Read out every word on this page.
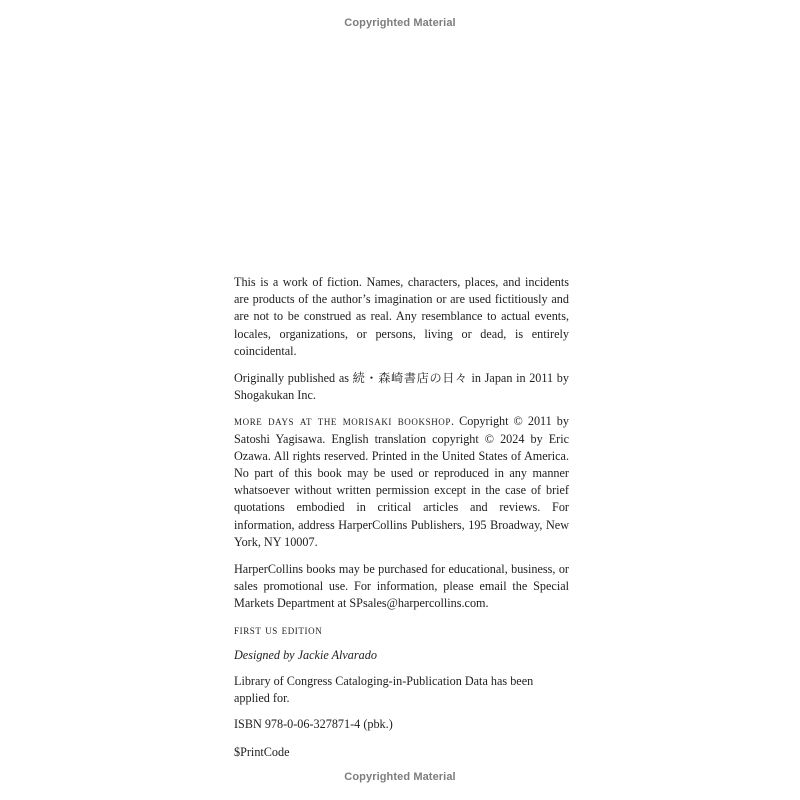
Copyrighted Material

This is a work of fiction. Names, characters, places, and incidents are products of the author’s imagination or are used fictitiously and are not to be construed as real. Any resemblance to actual events, locales, organizations, or persons, living or dead, is entirely coincidental.

Originally published as 続・森崎書店の日々 in Japan in 2011 by Shogakukan Inc.

more days at the morisaki bookshop. Copyright © 2011 by Satoshi Yagisawa. English translation copyright © 2024 by Eric Ozawa. All rights reserved. Printed in the United States of America. No part of this book may be used or reproduced in any manner whatsoever without written permission except in the case of brief quotations embodied in critical articles and reviews. For information, address HarperCollins Publishers, 195 Broadway, New York, NY 10007.

HarperCollins books may be purchased for educational, business, or sales promotional use. For information, please email the Special Markets Department at SPsales@harpercollins.com.

first us edition

Designed by Jackie Alvarado

Library of Congress Cataloging-in-Publication Data has been applied for.

ISBN 978-0-06-327871-4 (pbk.)

$PrintCode

Copyrighted Material
